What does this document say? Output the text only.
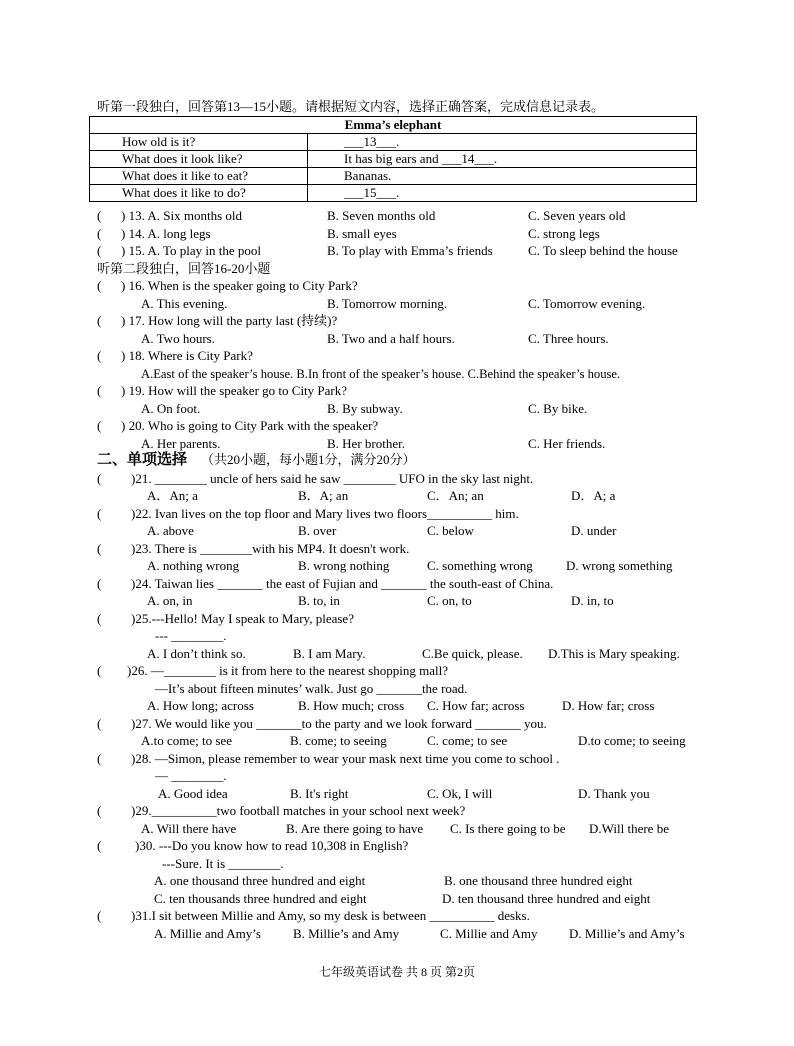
听第一段独白，回答第13—15小题。请根据短文内容，选择正确答案，完成信息记录表。
Emma’s elephant	
How old is it?	___13___.
What does it look like?	It has big ears and ___14___.
What does it like to eat?	Bananas.
What does it like to do?	___15___.
( ) 13. A. Six months old	B. Seven months old	C. Seven years old
( ) 14. A. long legs	B. small eyes	C. strong legs
( ) 15. A. To play in the pool	B. To play with Emma’s friends	C. To sleep behind the house
听第二段独白，回答16-20小题
( ) 16. When is the speaker going to City Park?
A. This evening.	B. Tomorrow morning.	C. Tomorrow evening.
( ) 17. How long will the party last (持续)?
A. Two hours.	B. Two and a half hours.	C. Three hours.
( ) 18. Where is City Park?
A.East of the speaker’s house. B.In front of the speaker’s house. C.Behind the speaker’s house.
( ) 19. How will the speaker go to City Park?
A. On foot.	B. By subway.	C. By bike.
( ) 20. Who is going to City Park with the speaker?
A. Her parents.	B. Her brother.	C. Her friends.
二、单项选择 （共20小题，每小题1分，满分20分）
( )21. ________ uncle of hers said he saw ________ UFO in the sky last night.
A．An; a	B．A; an	C．An; an	D．A; a
( )22. Ivan lives on the top floor and Mary lives two floors__________ him.
A. above	B. over	C. below	D. under
( )23. There is ________with his MP4. It doesn't work.
A. nothing wrong	B. wrong nothing	C. something wrong	D. wrong something
( )24. Taiwan lies _______ the east of Fujian and _______ the south-east of China.
A. on, in	B. to, in	C. on, to	D. in, to
( )25.---Hello! May I speak to Mary, please?
--- ________.
A. I don’t think so.	B. I am Mary.	C.Be quick, please. D.This is Mary speaking.
( )26. —________ is it from here to the nearest shopping mall?
—It’s about fifteen minutes’ walk. Just go _______the road.
A. How long; across	B. How much; cross C. How far; across	D. How far; cross
( )27. We would like you _______to the party and we look forward _______ you.
A.to come; to see	B. come; to seeing	C. come; to see	D.to come; to seeing
( )28. —Simon, please remember to wear your mask next time you come to school .
— ________.
A. Good idea	B. It's right	C. Ok, I will	D. Thank you
( )29.__________two football matches in your school next week?
A. Will there have	B. Are there going to have C. Is there going to be D.Will there be
(	)30. ---Do you know how to read 10,308 in English?
---Sure. It is ________.
A. one thousand three hundred and eight	B. one thousand three hundred eight
C. ten thousands three hundred and eight	D. ten thousand three hundred and eight
( )31.I sit between Millie and Amy, so my desk is between __________ desks.
A. Millie and Amy’s B. Millie’s and Amy	C. Millie and Amy D. Millie’s and Amy’s
七年级英语试卷 共 8 页 第2页
